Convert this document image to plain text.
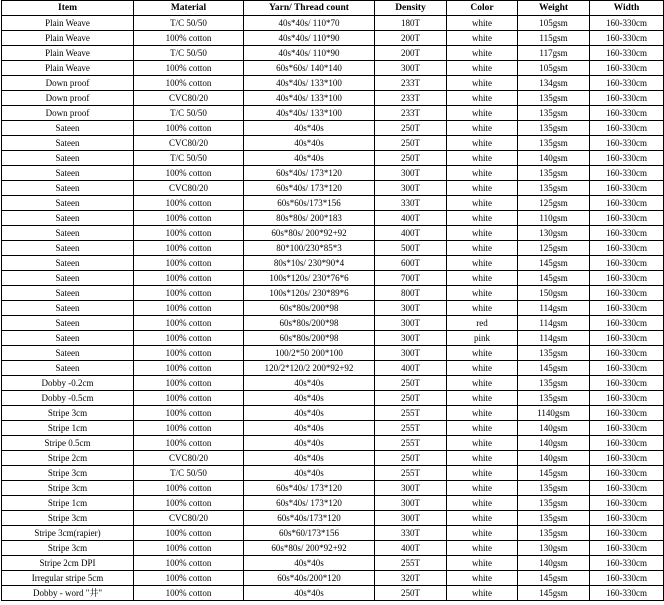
Item	Material	Yarn/ Thread count	Density	Color	Weight	Width
Plain Weave	T/C 50/50	40s*40s/ 110*70	180T	white	105gsm	160-330cm
Plain Weave	100% cotton	40s*40s/ 110*90	200T	white	115gsm	160-330cm
Plain Weave	T/C 50/50	40s*40s/ 110*90	200T	white	117gsm	160-330cm
Plain Weave	100% cotton	60s*60s/ 140*140	300T	white	105gsm	160-330cm
Down proof	100% cotton	40s*40s/ 133*100	233T	white	134gsm	160-330cm
Down proof	CVC80/20	40s*40s/ 133*100	233T	white	135gsm	160-330cm
Down proof	T/C 50/50	40s*40s/ 133*100	233T	white	135gsm	160-330cm
Sateen	100% cotton	40s*40s	250T	white	135gsm	160-330cm
Sateen	CVC80/20	40s*40s	250T	white	135gsm	160-330cm
Sateen	T/C 50/50	40s*40s	250T	white	140gsm	160-330cm
Sateen	100% cotton	60s*40s/ 173*120	300T	white	135gsm	160-330cm
Sateen	CVC80/20	60s*40s/ 173*120	300T	white	135gsm	160-330cm
Sateen	100% cotton	60s*60s/173*156	330T	white	125gsm	160-330cm
Sateen	100% cotton	80s*80s/ 200*183	400T	white	110gsm	160-330cm
Sateen	100% cotton	60s*80s/ 200*92+92	400T	white	130gsm	160-330cm
Sateen	100% cotton	80*100/230*85*3	500T	white	125gsm	160-330cm
Sateen	100% cotton	80s*10s/ 230*90*4	600T	white	145gsm	160-330cm
Sateen	100% cotton	100s*120s/ 230*76*6	700T	white	145gsm	160-330cm
Sateen	100% cotton	100s*120s/ 230*89*6	800T	white	150gsm	160-330cm
Sateen	100% cotton	60s*80s/200*98	300T	white	114gsm	160-330cm
Sateen	100% cotton	60s*80s/200*98	300T	red	114gsm	160-330cm
Sateen	100% cotton	60s*80s/200*98	300T	pink	114gsm	160-330cm
Sateen	100% cotton	100/2*50 200*100	300T	white	135gsm	160-330cm
Sateen	100% cotton	120/2*120/2 200*92+92	400T	white	145gsm	160-330cm
Dobby -0.2cm	100% cotton	40s*40s	250T	white	135gsm	160-330cm
Dobby -0.5cm	100% cotton	40s*40s	250T	white	135gsm	160-330cm
Stripe 3cm	100% cotton	40s*40s	255T	white	1140gsm	160-330cm
Stripe 1cm	100% cotton	40s*40s	255T	white	140gsm	160-330cm
Stripe 0.5cm	100% cotton	40s*40s	255T	white	140gsm	160-330cm
Stripe 2cm	CVC80/20	40s*40s	250T	white	140gsm	160-330cm
Stripe 3cm	T/C 50/50	40s*40s	255T	white	145gsm	160-330cm
Stripe 3cm	100% cotton	60s*40s/ 173*120	300T	white	135gsm	160-330cm
Stripe 1cm	100% cotton	60s*40s/ 173*120	300T	white	135gsm	160-330cm
Stripe 3cm	CVC80/20	60s*40s/173*120	300T	white	135gsm	160-330cm
Stripe 3cm(rapier)	100% cotton	60s*60/173*156	330T	white	135gsm	160-330cm
Stripe 3cm	100% cotton	60s*80s/ 200*92+92	400T	white	130gsm	160-330cm
Stripe 2cm DPI	100% cotton	40s*40s	255T	white	140gsm	160-330cm
Irregular stripe 5cm	100% cotton	60s*40s/200*120	320T	white	145gsm	160-330cm
Dobby - word "井"	100% cotton	40s*40s	250T	white	145gsm	160-330cm
